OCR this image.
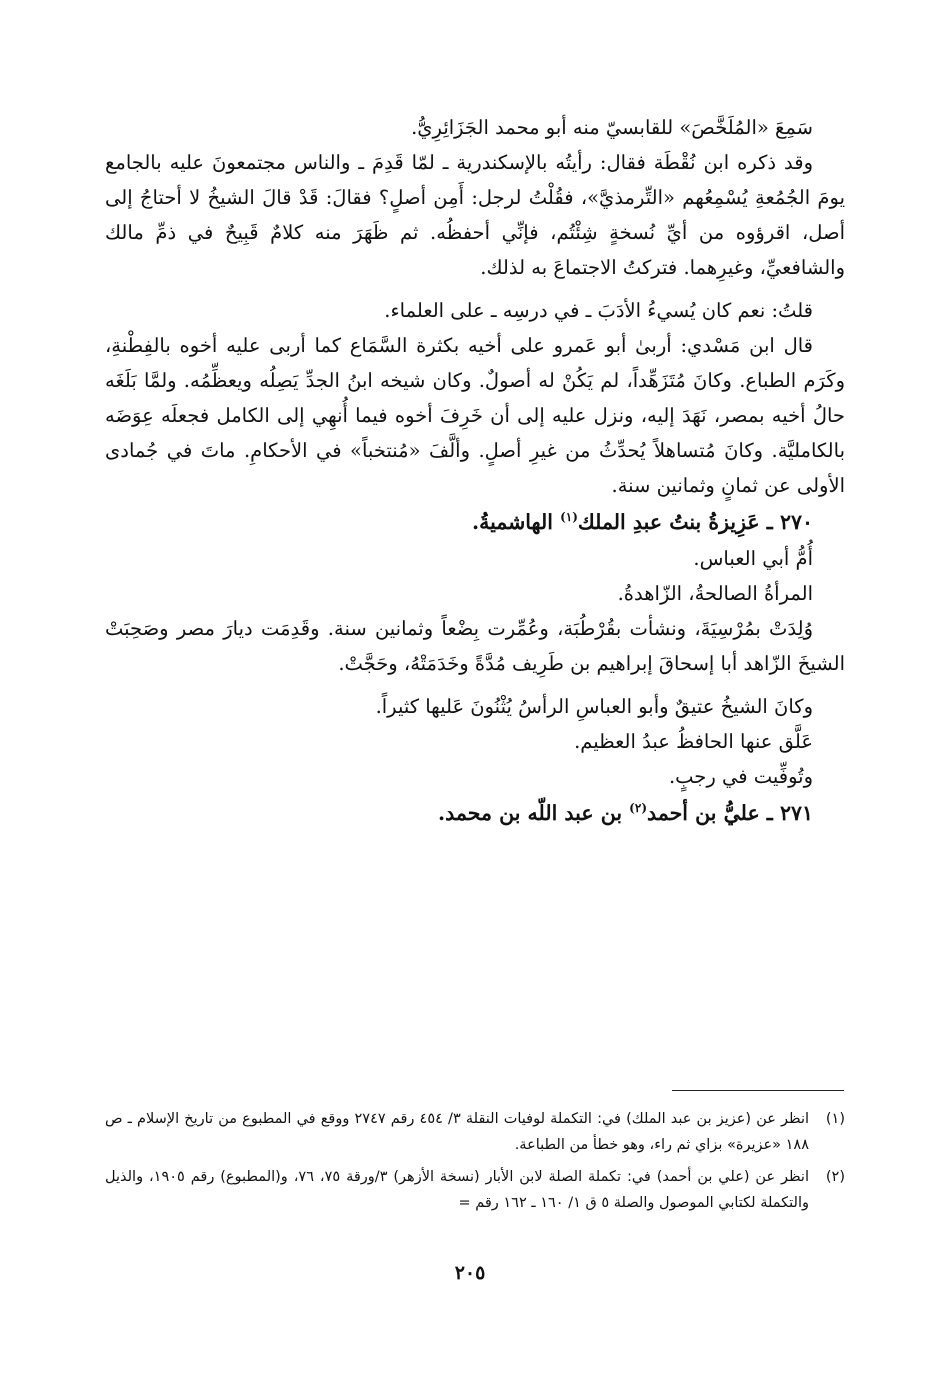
سَمِعَ «المُلَخَّصَ» للقابسيّ منه أبو محمد الجَزَائِرِيُّ.

وقد ذكره ابن نُقْطَة فقال: رأيتُه بالإسكندرية ـ لمّا قَدِمَ ـ والناس مجتمعونَ عليه بالجامع يومَ الجُمُعةِ يُسْمِعُهم «التِّرمذيَّ»، فقُلْتُ لرجل: أَمِن أصلٍ؟ فقالَ: قَدْ قالَ الشيخُ لا أحتاجُ إلى أصل، اقرؤوه من أيِّ نُسخةٍ شِئْتُم، فإنِّي أحفظُه. ثم ظَهَرَ منه كلامٌ قَبِيحٌ في ذمِّ مالك والشافعيِّ، وغيرِهما. فتركتُ الاجتماعَ به لذلك.

قلتُ: نعم كان يُسيءُ الأدَبَ ـ في درسِه ـ على العلماء.

قال ابن مَسْدي: أربىٰ أبو عَمرو على أخيه بكثرة السَّمَاع كما أربى عليه أخوه بالفِطْنةِ، وكَرَم الطباع. وكانَ مُتَزَهِّداً، لم يَكُنْ له أصولٌ. وكان شيخه ابنُ الجدِّ يَصِلُه ويعظِّمُه. ولمَّا بَلَغَه حالُ أخيه بمصر، نَهَدَ إليه، ونزل عليه إلى أن خَرِفَ أخوه فيما أُنهِي إلى الكامل فجعلَه عِوَضَه بالكامليَّة. وكانَ مُتساهلاً يُحدِّثُ من غيرِ أصلٍ. وألَّفَ «مُنتخباً» في الأحكامِ. ماتَ في جُمادى الأولى عن ثمانٍ وثمانين سنة.

٢٧٠ ـ عَزِيزةُ بنتُ عبدِ الملك$^{(١)}$ الهاشميةُ.

أُمُّ أبي العباس.

المرأةُ الصالحةُ، الزّاهدةُ.

وُلِدَتْ بمُرْسِيَةَ، ونشأت بقُرْطُبَة، وعُمِّرت بِضْعاً وثمانين سنة. وقَدِمَت ديارَ مصر وصَحِبَتْ الشيخَ الزّاهد أبا إسحاقَ إبراهيم بن طَرِيف مُدَّةً وخَدَمَتْهُ، وحَجَّتْ.

وكانَ الشيخُ عتيقٌ وأبو العباسِ الرأسُ يُثْنُونَ عَليها كثيراً.

عَلَّق عنها الحافظُ عبدُ العظيم.

وتُوفِّيت في رجبٍ.

٢٧١ ـ عليُّ بن أحمد$^{(٢)}$ بن عبد اللّه بن محمد.

(١)
انظر عن (عزيز بن عبد الملك) في: التكملة لوفيات النقلة ٣/ ٤٥٤ رقم ٢٧٤٧ ووقع في المطبوع من تاريخ الإسلام ـ ص ١٨٨ «عزيرة» بزاي ثم راء، وهو خطأ من الطباعة.
(٢)
انظر عن (علي بن أحمد) في: تكملة الصلة لابن الأبار (نسخة الأزهر) ٣/ورقة ٧٥، ٧٦، و(المطبوع) رقم ١٩٠٥، والذيل والتكملة لكتابي الموصول والصلة ٥ ق ١/ ١٦٠ ـ ١٦٢ رقم =
٢٠٥
